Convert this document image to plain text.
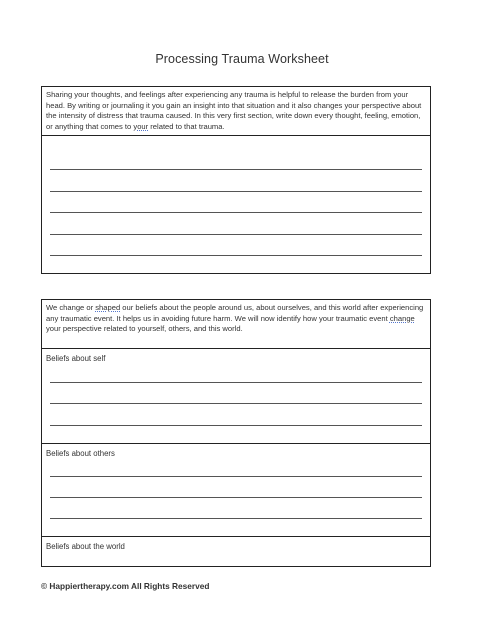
Processing Trauma Worksheet
Sharing your thoughts, and feelings after experiencing any trauma is helpful to release the burden from your head. By writing or journaling it you gain an insight into that situation and it also changes your perspective about the intensity of distress that trauma caused. In this very first section, write down every thought, feeling, emotion, or anything that comes to your related to that trauma.
We change or shaped our beliefs about the people around us, about ourselves, and this world after experiencing any traumatic event. It helps us in avoiding future harm. We will now identify how your traumatic event change your perspective related to yourself, others, and this world.
Beliefs about self
Beliefs about others
Beliefs about the world
© Happiertherapy.com All Rights Reserved
